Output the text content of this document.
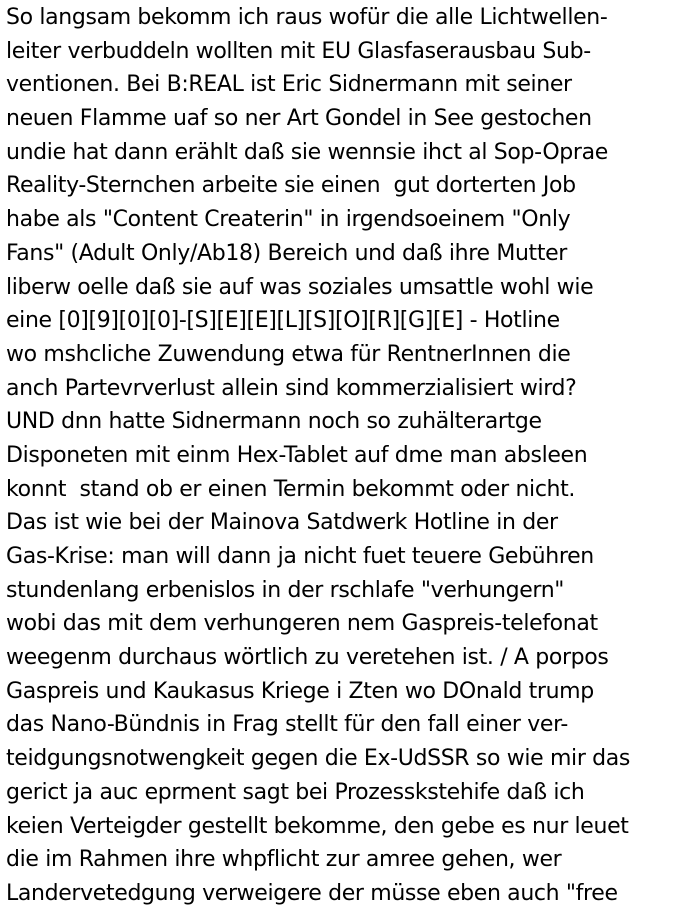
So langsam bekomm ich raus wofür die alle Lichtwellen-
leiter verbuddeln wollten mit EU Glasfaserausbau Sub-
ventionen. Bei B:REAL ist Eric Sidnermann mit seiner
neuen Flamme uaf so ner Art Gondel in See gestochen
undie hat dann erählt daß sie wennsie ihct al Sop-Oprae
Reality-Sternchen arbeite sie einen  gut dorterten Job
habe als "Content Createrin" in irgendsoeinem "Only
Fans" (Adult Only/Ab18) Bereich und daß ihre Mutter
liberw oelle daß sie auf was soziales umsattle wohl wie
eine [0][9][0][0]-[S][E][E][L][S][O][R][G][E] - Hotline
wo mshcliche Zuwendung etwa für RentnerInnen die
anch Partevrverlust allein sind kommerzialisiert wird?
UND dnn hatte Sidnermann noch so zuhälterartge
Disponeten mit einm Hex-Tablet auf dme man absleen
konnt  stand ob er einen Termin bekommt oder nicht.
Das ist wie bei der Mainova Satdwerk Hotline in der
Gas-Krise: man will dann ja nicht fuet teuere Gebühren
stundenlang erbenislos in der rschlafe "verhungern"
wobi das mit dem verhungeren nem Gaspreis-telefonat
weegenm durchaus wörtlich zu veretehen ist. / A porpos
Gaspreis und Kaukasus Kriege i Zten wo DOnald trump
das Nano-Bündnis in Frag stellt für den fall einer ver-
teidgungsnotwengkeit gegen die Ex-UdSSR so wie mir das
gerict ja auc eprment sagt bei Prozesskstehife daß ich
keien Verteigder gestellt bekomme, den gebe es nur leuet
die im Rahmen ihre whpflicht zur amree gehen, wer
Landervetedgung verweigere der müsse eben auch "free
